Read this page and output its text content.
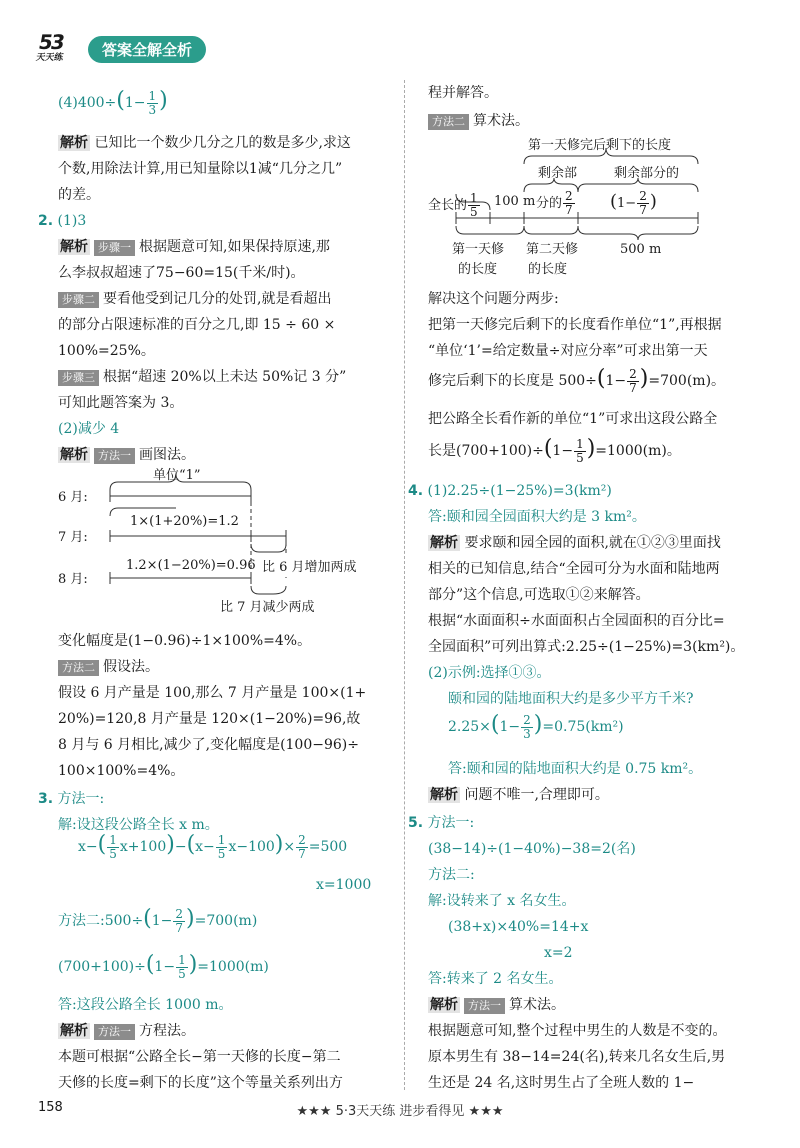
53
天天练	答案全解全析
$(4)400\div(1- \frac{1}{3}$ )

解析 已知比一个数少几分之几的数是多少,求这

个数,用除法计算,用已知量除以1减“几分之几”

的差。

2. (1)3

解析 步骤一 根据题意可知,如果保持原速,那

么李叔叔超速了75−60=15(千米/时)。

步骤二 要看他受到记几分的处罚,就是看超出

的部分占限速标准的百分之几,即 15 ÷ 60 ×

100%=25%。

步骤三 根据“超速 20%以上未达 50%记 3 分”

可知此题答案为 3。

(2)减少 4

解析 方法一 画图法。

单位“1”
6 月:
1×(1+20%)=1.2
7 月:
1.2×(1−20%)=0.96
8 月:
比 6 月增加两成
比 7 月减少两成

变化幅度是(1−0.96)÷1×100%=4%。

方法二 假设法。

假设 6 月产量是 100,那么 7 月产量是 100×(1+

20%)=120,8 月产量是 120×(1−20%)=96,故

8 月与 6 月相比,减少了,变化幅度是(100−96)÷

100×100%=4%。

3. 方法一:

解:设这段公路全长 x m。

$x-( \frac{1}{5} x+100)-(x- \frac{1}{5} x-100)\times \frac{2}{7} =500$

x=1000

方法二:500÷(1− $\frac{2}{7} )=700(m)$
$(700+100)\div(1- \frac{1}{5} )=1000(m)$

答:这段公路全长 1000 m。

解析 方法一 方程法。

本题可根据“公路全长−第一天修的长度−第二

天修的长度=剩下的长度”这个等量关系列出方

程并解答。

方法二 算术法。

第一天修完后剩下的长度
剩余部	剩余部分的
全长的 $\frac{1}{5} 100$ m 分的 $\frac{2}{7} (1- \frac{2}{7}$ )
第一天修
的长度
第二天修
的长度
500 m

解决这个问题分两步:

把第一天修完后剩下的长度看作单位“1”,再根据

“单位‘1’=给定数量÷对应分率”可求出第一天

修完后剩下的长度是 $500\div(1- \frac{2}{7} )=700(m)$。

把公路全长看作新的单位“1”可求出这段公路全

长是$(700+100)\div(1- \frac{1}{5} )=1000(m)$。

4. (1)2.25÷(1−25%)=3(km²)

答:颐和园全园面积大约是 3 km²。

解析 要求颐和园全园的面积,就在①②③里面找

相关的已知信息,结合“全园可分为水面和陆地两

部分”这个信息,可选取①②来解答。

根据“水面面积÷水面面积占全园面积的百分比=

全园面积”可列出算式:2.25÷(1−25%)=3(km²)。

(2)示例:选择①③。

颐和园的陆地面积大约是多少平方千米?

$2.25\times(1- \frac{2}{3} )=0.75(km^2)$

答:颐和园的陆地面积大约是 0.75 km²。

解析 问题不唯一,合理即可。

5. 方法一:

(38−14)÷(1−40%)−38=2(名)

方法二:

解:设转来了 x 名女生。

(38+x)×40%=14+x

x=2

答:转来了 2 名女生。

解析 方法一 算术法。

根据题意可知,整个过程中男生的人数是不变的。

原本男生有 38−14=24(名),转来几名女生后,男

生还是 24 名,这时男生占了全班人数的 1−

158	★★★ 5·3天天练 进步看得见 ★★★
